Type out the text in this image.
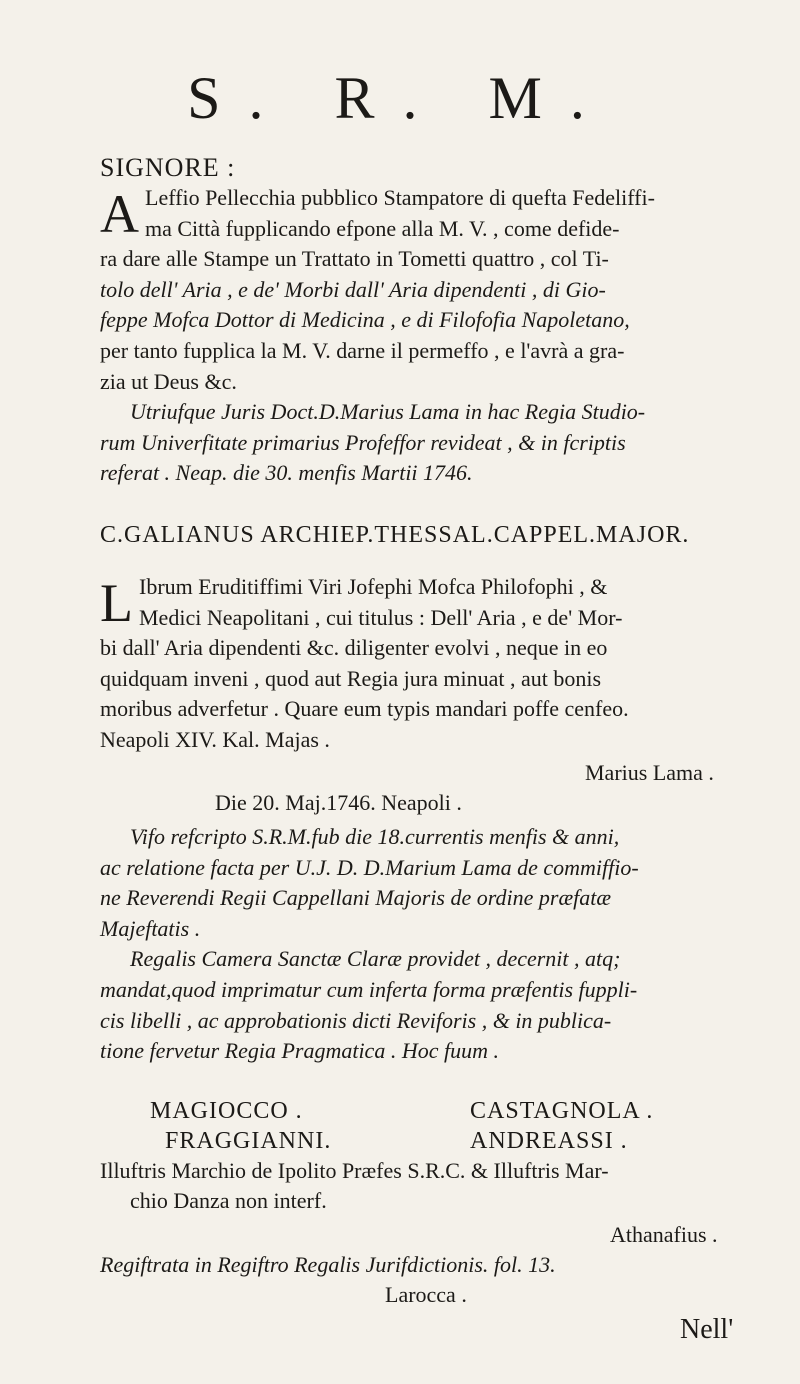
S. R. M.
SIGNORE :
A Leffio Pellecchia pubblico Stampatore di quefta Fedeliffi-
ma Città fupplicando efpone alla M. V. , come defide-
ra dare alle Stampe un Trattato in Tometti quattro , col Ti-
tolo dell' Aria , e de' Morbi dall' Aria dipendenti , di Gio-
feppe Mofca Dottor di Medicina , e di Filofofia Napoletano,
per tanto fupplica la M. V. darne il permeffo , e l'avrà a gra-
zia ut Deus &c.
Utriufque Juris Doct.D.Marius Lama in hac Regia Studio-
rum Univerfitate primarius Profeffor revideat , & in fcriptis
referat . Neap. die 30. menfis Martii 1746.
C.GALIANUS ARCHIEP.THESSAL.CAPPEL.MAJOR.
L Ibrum Eruditiffimi Viri Jofephi Mofca Philofophi , &
Medici Neapolitani , cui titulus : Dell' Aria , e de' Mor-
bi dall' Aria dipendenti &c. diligenter evolvi , neque in eo
quidquam inveni , quod aut Regia jura minuat , aut bonis
moribus adverfetur . Quare eum typis mandari poffe cenfeo.
Neapoli XIV. Kal. Majas .
Marius Lama .
Die 20. Maj.1746. Neapoli .
Vifo refcripto S.R.M.fub die 18.currentis menfis & anni,
ac relatione facta per U.J. D. D.Marium Lama de commiffio-
ne Reverendi Regii Cappellani Majoris de ordine præfatæ
Majeftatis .
Regalis Camera Sanctæ Claræ providet , decernit , atq;
mandat,quod imprimatur cum inferta forma præfentis fuppli-
cis libelli , ac approbationis dicti Reviforis , & in publica-
tione fervetur Regia Pragmatica . Hoc fuum .
MAGIOCCO .	CASTAGNOLA .
FRAGGIANNI.	ANDREASSI .
Illuftris Marchio de Ipolito Præfes S.R.C. & Illuftris Mar-
chio Danza non interf.
Athanafius .
Regiftrata in Regiftro Regalis Jurifdictionis. fol. 13.
Larocca .
Nell'
